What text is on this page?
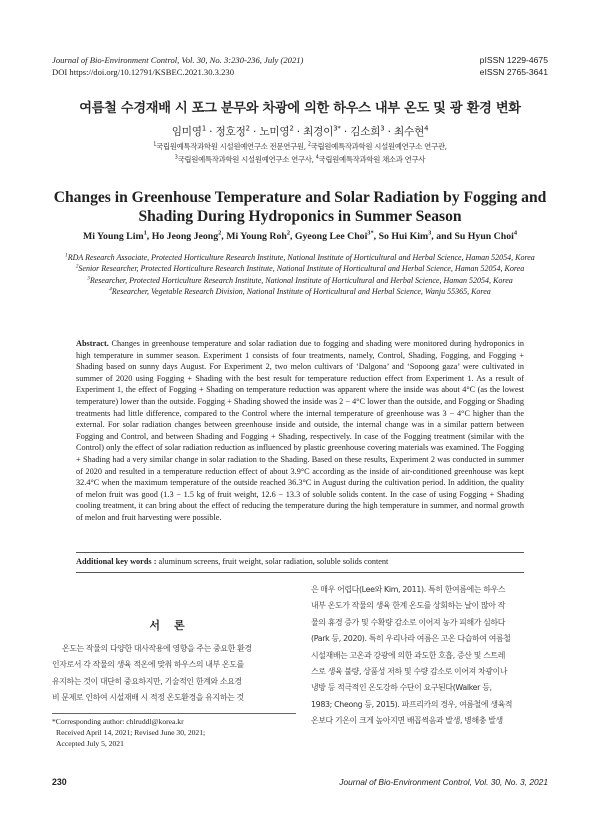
Journal of Bio-Environment Control, Vol. 30, No. 3:230-236, July (2021)
DOI https://doi.org/10.12791/KSBEC.2021.30.3.230
pISSN 1229-4675
eISSN 2765-3641
여름철 수경재배 시 포그 분무와 차광에 의한 하우스 내부 온도 및 광 환경 변화
임미영$^1$ · 정호정$^2$ · 노미영$^2$ · 최경이$^{3*}$ · 김소희$^3$ · 최수현$^4$
$^1$국립원예특작과학원 시설원예연구소 전문연구원, $^2$국립원예특작과학원 시설원예연구소 연구관,
$^3$국립원예특작과학원 시설원예연구소 연구사, $^4$국립원예특작과학원 채소과 연구사
Changes in Greenhouse Temperature and Solar Radiation by Fogging and
Shading During Hydroponics in Summer Season
Mi Young Lim$^1$, Ho Jeong Jeong$^2$, Mi Young Roh$^2$, Gyeong Lee Choi$^{3*}$, So Hui Kim$^3$, and Su Hyun Choi$^4$
$^1$RDA Research Associate, Protected Horticulture Research Institute, National Institute of Horticultural and Herbal Science, Haman 52054, Korea
$^2$Senior Researcher, Protected Horticulture Research Institute, National Institute of Horticultural and Herbal Science, Haman 52054, Korea
$^3$Researcher, Protected Horticulture Research Institute, National Institute of Horticultural and Herbal Science, Haman 52054, Korea
$^4$Researcher, Vegetable Research Division, National Institute of Horticultural and Herbal Science, Wanju 55365, Korea
Abstract. Changes in greenhouse temperature and solar radiation due to fogging and shading were monitored during hydroponics in high temperature in summer season. Experiment 1 consists of four treatments, namely, Control, Shading, Fogging, and Fogging + Shading based on sunny days August. For Experiment 2, two melon cultivars of ‘Dalgona’ and ‘Sopoong gaza’ were cultivated in summer of 2020 using Fogging + Shading with the best result for temperature reduction effect from Experiment 1. As a result of Experiment 1, the effect of Fogging + Shading on temperature reduction was apparent where the inside was about 4°C (as the lowest temperature) lower than the outside. Fogging + Shading showed the inside was 2 − 4°C lower than the outside, and Fogging or Shading treatments had little difference, compared to the Control where the internal temperature of greenhouse was 3 − 4°C higher than the external. For solar radiation changes between greenhouse inside and outside, the internal change was in a similar pattern between Fogging and Control, and between Shading and Fogging + Shading, respectively. In case of the Fogging treatment (similar with the Control) only the effect of solar radiation reduction as influenced by plastic greenhouse covering materials was examined. The Fogging + Shading had a very similar change in solar radiation to the Shading. Based on these results, Experiment 2 was conducted in summer of 2020 and resulted in a temperature reduction effect of about 3.9°C according as the inside of air-conditioned greenhouse was kept 32.4°C when the maximum temperature of the outside reached 36.3°C in August during the cultivation period. In addition, the quality of melon fruit was good (1.3 − 1.5 kg of fruit weight, 12.6 − 13.3 of soluble solids content. In the case of using Fogging + Shading cooling treatment, it can bring about the effect of reducing the temperature during the high temperature in summer, and normal growth of melon and fruit harvesting were possible.
Additional key words : aluminum screens, fruit weight, solar radiation, soluble solids content
서론

온도는 작물의 다양한 대사작용에 영향을 주는 중요한 환경

인자로서 각 작물의 생육 적온에 맞춰 하우스의 내부 온도를

유지하는 것이 대단히 중요하지만, 기술적인 한계와 소요경

비 문제로 인하여 시설재배 시 적정 온도환경을 유지하는 것

은 매우 어렵다(Lee와 Kim, 2011). 특히 한여름에는 하우스

내부 온도가 작물의 생육 한계 온도를 상회하는 날이 많아 작

물의 휴경 증가 및 수확량 감소로 이어져 농가 피해가 심하다

(Park 등, 2020). 특히 우리나라 여름은 고온 다습하여 여름철

시설재배는 고온과 강광에 의한 과도한 호흡, 증산 및 스트레

스로 생육 불량, 상품성 저하 및 수량 감소로 이어져 차광이나

냉방 등 적극적인 온도강하 수단이 요구된다(Walker 등,

1983; Cheong 등, 2015). 파프리카의 경우, 여름철에 생육적

온보다 기온이 크게 높아지면 배꼽썩음과 발생, 병해충 발생

*Corresponding author: chlruddl@korea.kr
Received April 14, 2021; Revised June 30, 2021;
Accepted July 5, 2021
230	Journal of Bio-Environment Control, Vol. 30, No. 3, 2021
